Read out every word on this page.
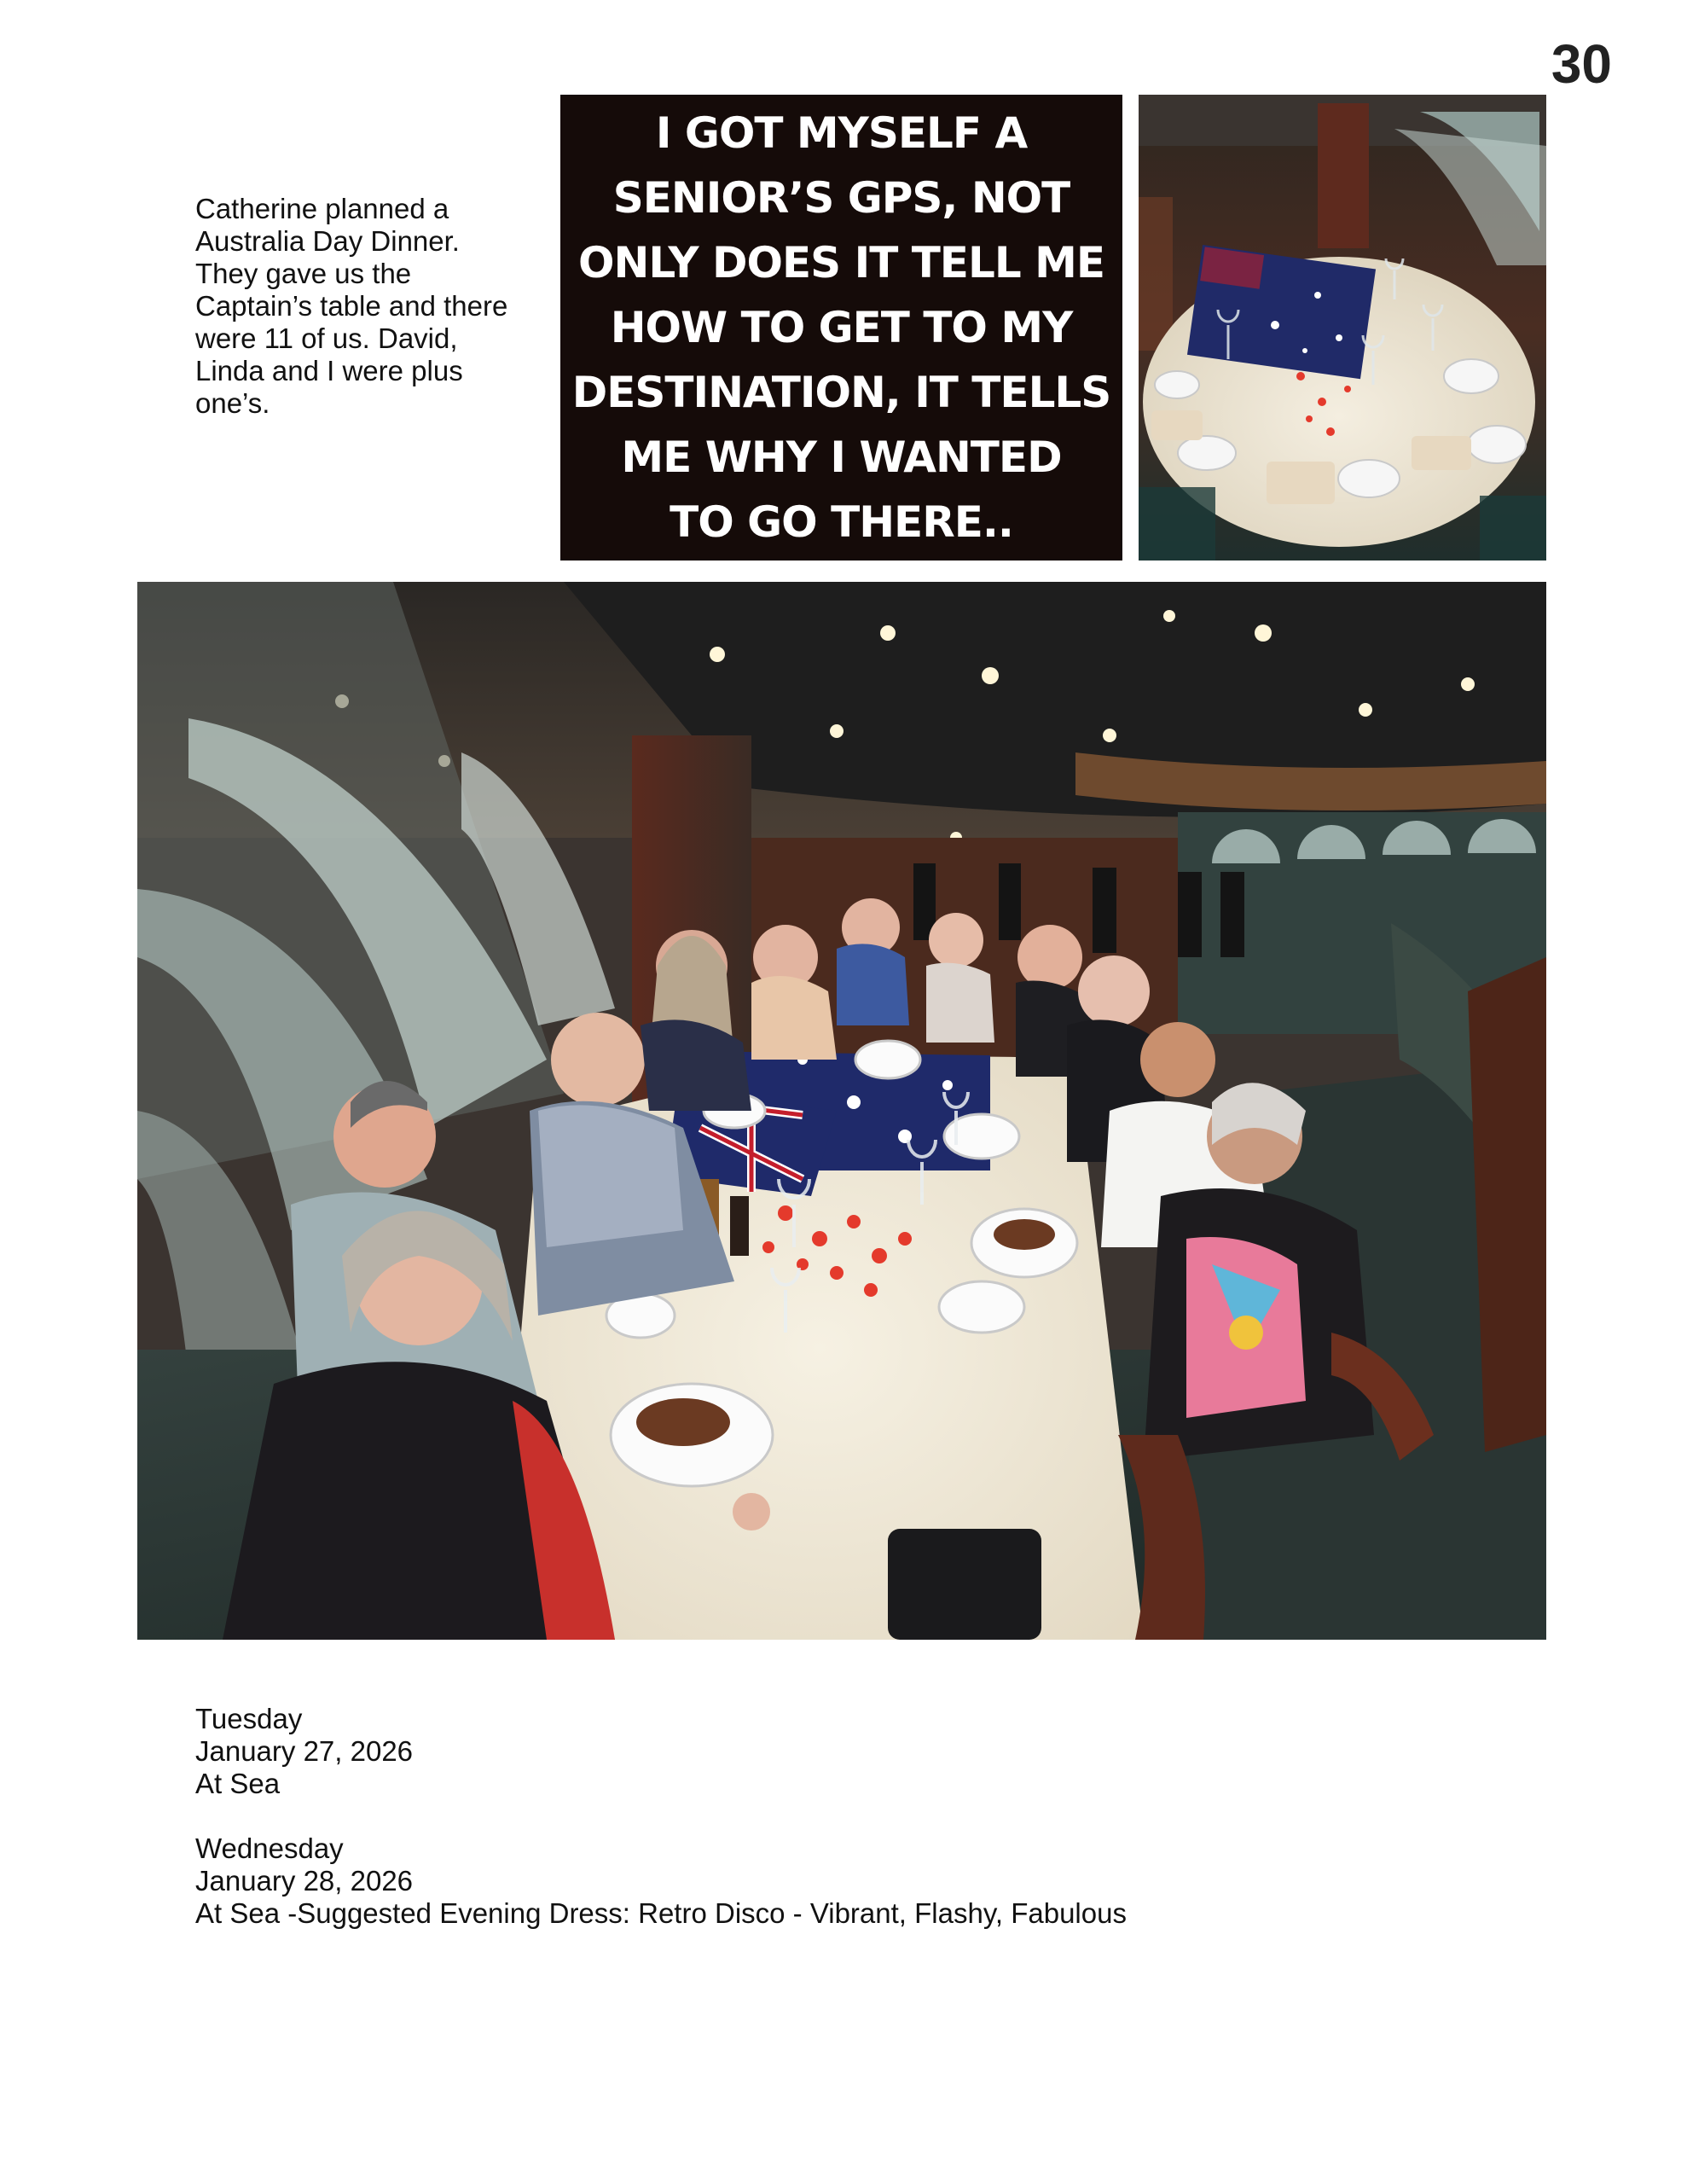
30

Catherine planned a
Australia Day Dinner.
They gave us the
Captain’s table and there
were 11 of us. David,
Linda and I were plus
one’s.

I GOT MYSELF A
SENIOR’S GPS, NOT
ONLY DOES IT TELL ME
HOW TO GET TO MY
DESTINATION, IT TELLS
ME WHY I WANTED
TO GO THERE..

Tuesday
January 27, 2026
At Sea
Wednesday
January 28, 2026
At Sea -Suggested Evening Dress: Retro Disco - Vibrant, Flashy, Fabulous
